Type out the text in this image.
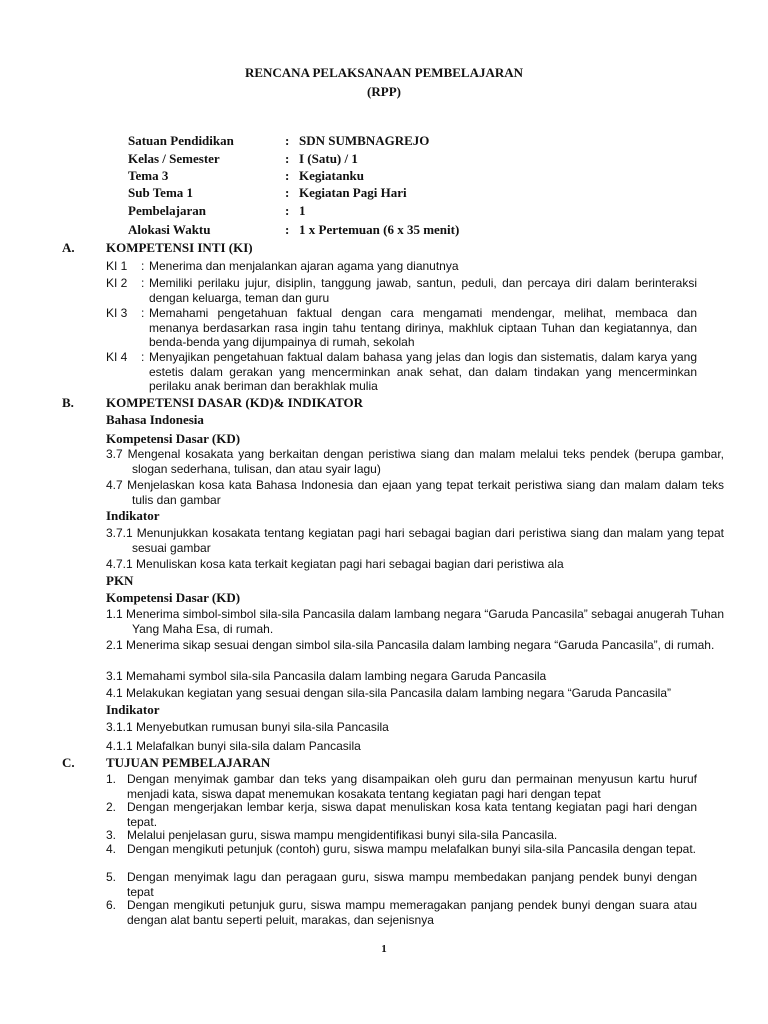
RENCANA PELAKSANAAN PEMBELAJARAN
(RPP)
Satuan Pendidikan	: SDN SUMBNAGREJO
Kelas / Semester	: I (Satu) / 1
Tema 3	: Kegiatanku
Sub Tema 1	: Kegiatan Pagi Hari
Pembelajaran	: 1
Alokasi Waktu	: 1 x Pertemuan (6 x 35 menit)
A. KOMPETENSI INTI (KI)
KI 1 : Menerima dan menjalankan ajaran agama yang dianutnya
KI 2 : Memiliki perilaku jujur, disiplin, tanggung jawab, santun, peduli, dan percaya diri dalam berinteraksi dengan keluarga, teman dan guru
KI 3 : Memahami pengetahuan faktual dengan cara mengamati mendengar, melihat, membaca dan menanya berdasarkan rasa ingin tahu tentang dirinya, makhluk ciptaan Tuhan dan kegiatannya, dan benda-benda yang dijumpainya di rumah, sekolah
KI 4 : Menyajikan pengetahuan faktual dalam bahasa yang jelas dan logis dan sistematis, dalam karya yang estetis dalam gerakan yang mencerminkan anak sehat, dan dalam tindakan yang mencerminkan perilaku anak beriman dan berakhlak mulia
B. KOMPETENSI DASAR (KD)& INDIKATOR
Bahasa Indonesia
Kompetensi Dasar (KD)
3.7 Mengenal kosakata yang berkaitan dengan peristiwa siang dan malam melalui teks pendek (berupa gambar, slogan sederhana, tulisan, dan atau syair lagu)
4.7 Menjelaskan kosa kata Bahasa Indonesia dan ejaan yang tepat terkait peristiwa siang dan malam dalam teks tulis dan gambar
Indikator
3.7.1 Menunjukkan kosakata tentang kegiatan pagi hari sebagai bagian dari peristiwa siang dan malam yang tepat sesuai gambar
4.7.1 Menuliskan kosa kata terkait kegiatan pagi hari sebagai bagian dari peristiwa ala
PKN
Kompetensi Dasar (KD)
1.1 Menerima simbol-simbol sila-sila Pancasila dalam lambang negara “Garuda Pancasila” sebagai anugerah Tuhan Yang Maha Esa, di rumah.
2.1 Menerima sikap sesuai dengan simbol sila-sila Pancasila dalam lambing negara “Garuda Pancasila”, di rumah.
3.1 Memahami symbol sila-sila Pancasila dalam lambing negara Garuda Pancasila
4.1 Melakukan kegiatan yang sesuai dengan sila-sila Pancasila dalam lambing negara “Garuda Pancasila”
Indikator
3.1.1 Menyebutkan rumusan bunyi sila-sila Pancasila
4.1.1 Melafalkan bunyi sila-sila dalam Pancasila
C. TUJUAN PEMBELAJARAN
1. Dengan menyimak gambar dan teks yang disampaikan oleh guru dan permainan menyusun kartu huruf menjadi kata, siswa dapat menemukan kosakata tentang kegiatan pagi hari dengan tepat
2. Dengan mengerjakan lembar kerja, siswa dapat menuliskan kosa kata tentang kegiatan pagi hari dengan tepat.
3. Melalui penjelasan guru, siswa mampu mengidentifikasi bunyi sila-sila Pancasila.
4. Dengan mengikuti petunjuk (contoh) guru, siswa mampu melafalkan bunyi sila-sila Pancasila dengan tepat.
5. Dengan menyimak lagu dan peragaan guru, siswa mampu membedakan panjang pendek bunyi dengan tepat
6. Dengan mengikuti petunjuk guru, siswa mampu memeragakan panjang pendek bunyi dengan suara atau dengan alat bantu seperti peluit, marakas, dan sejenisnya
1
